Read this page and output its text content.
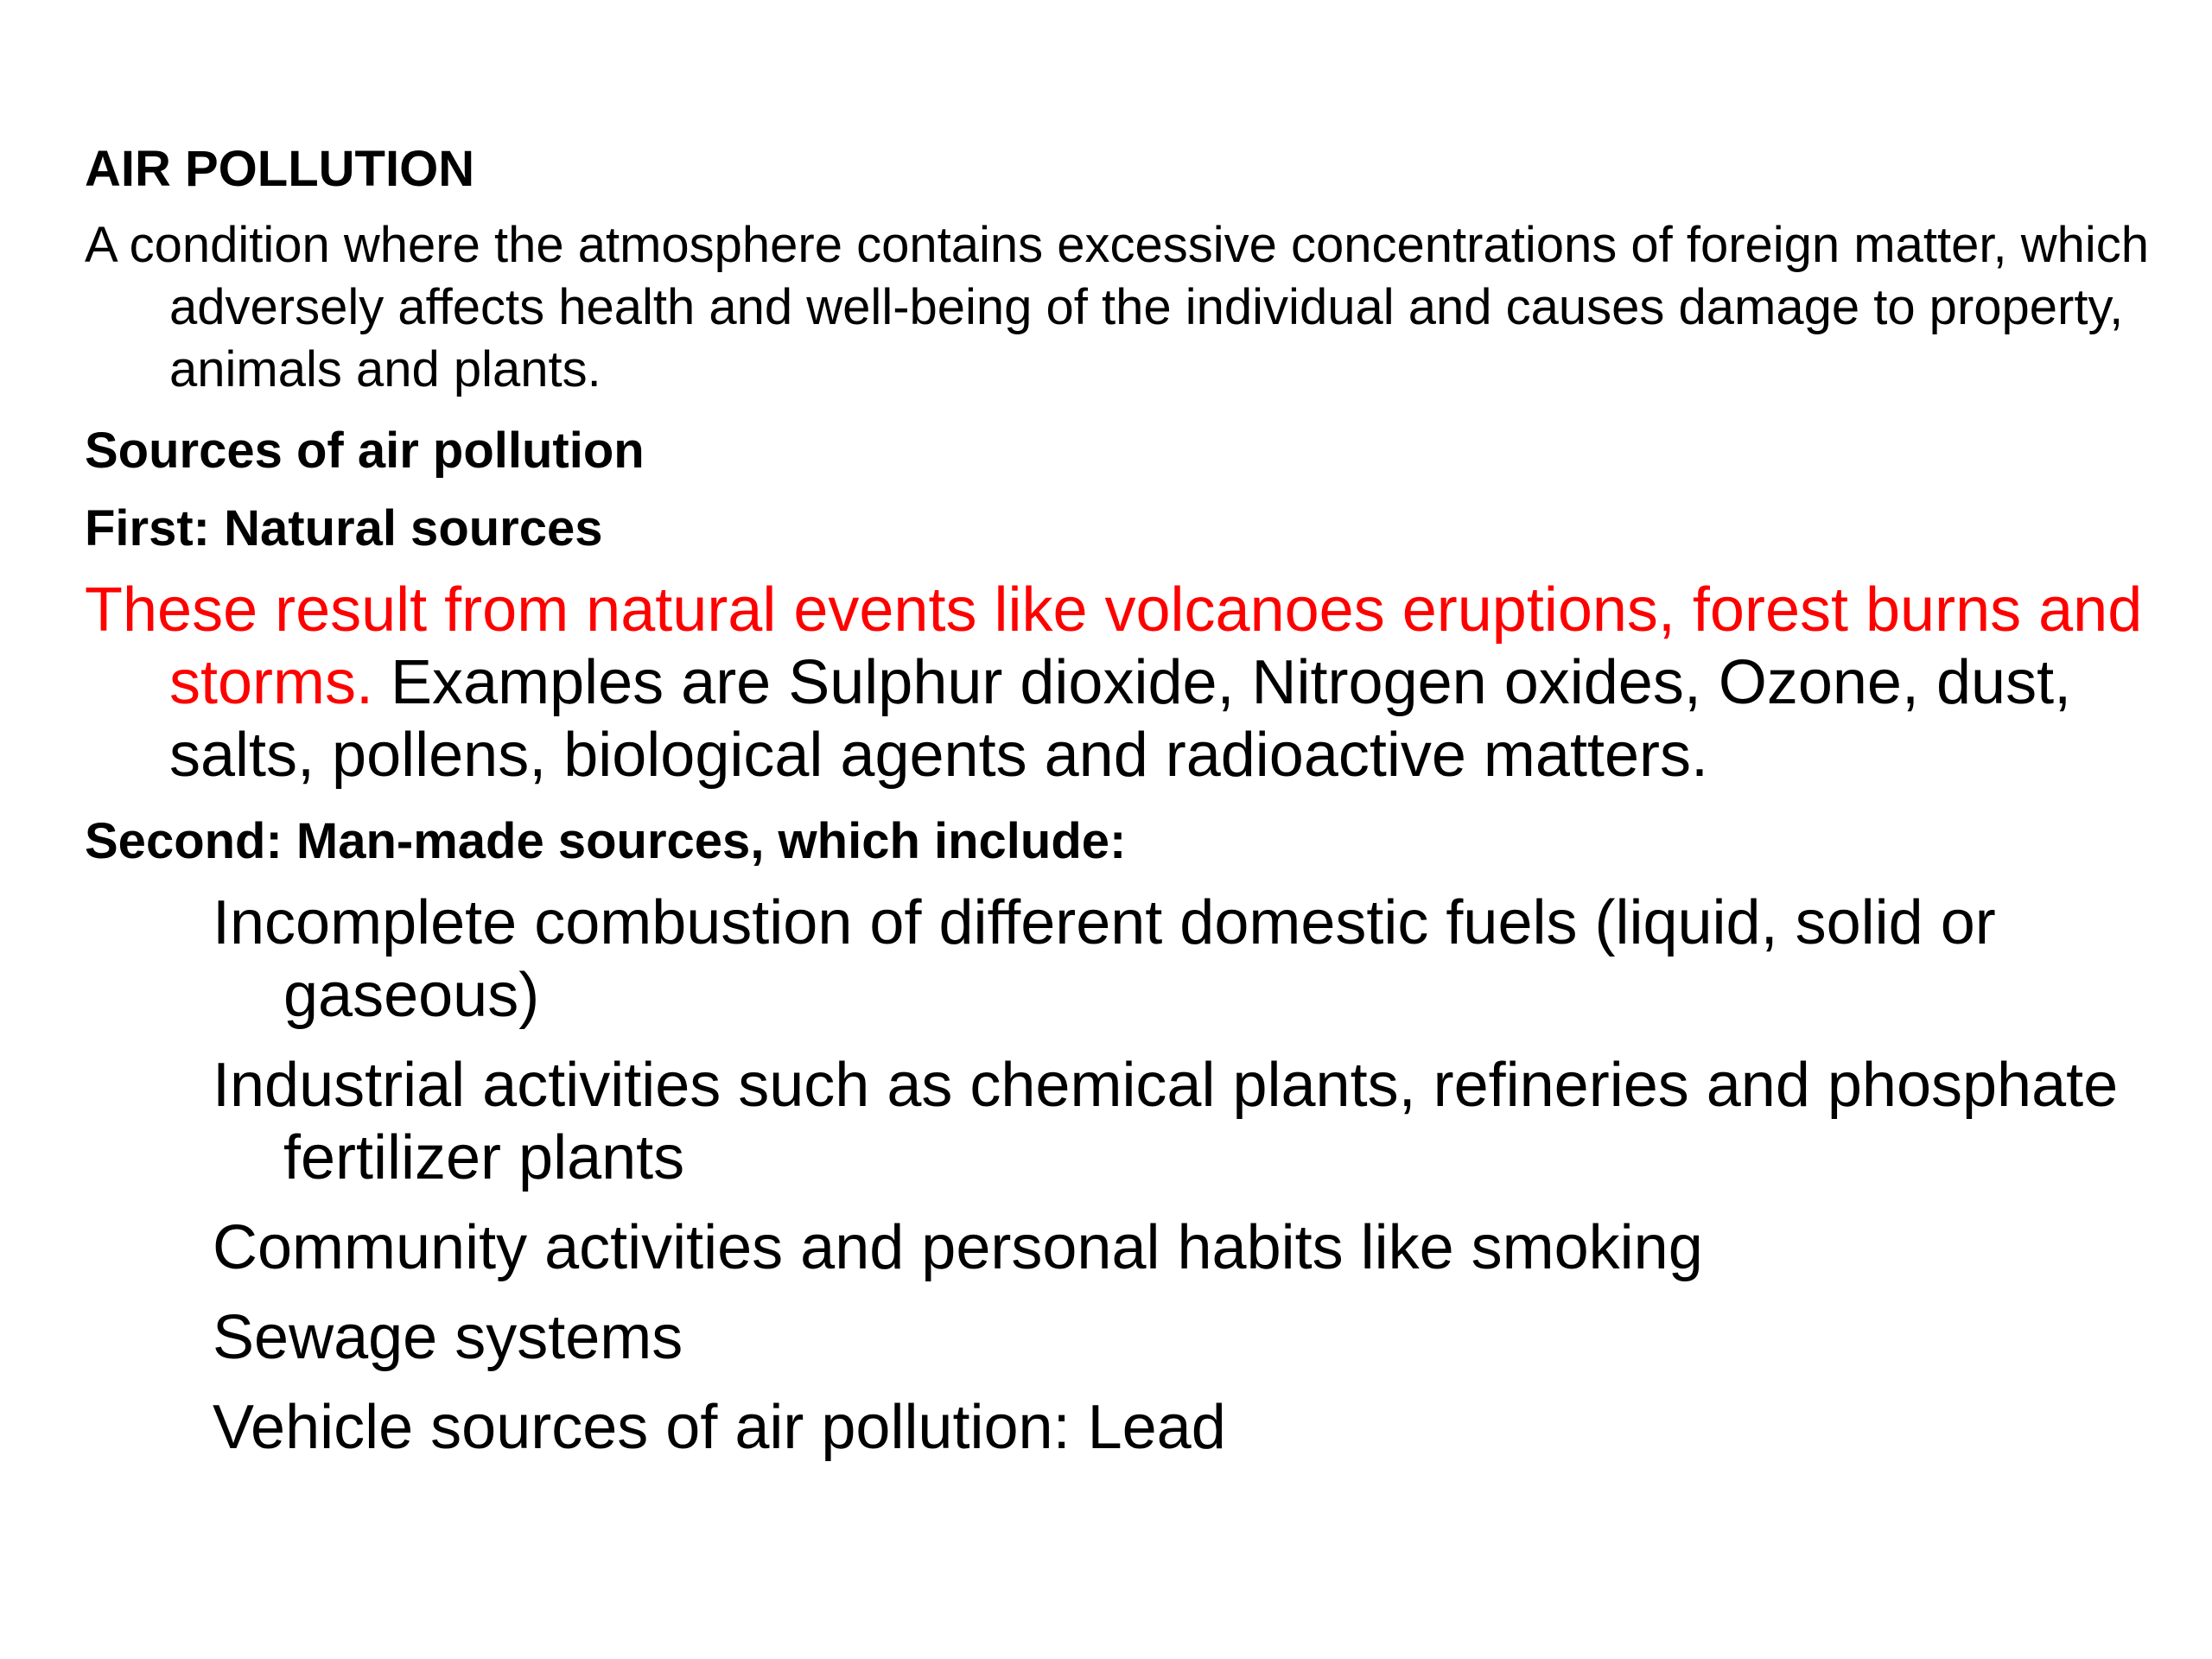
AIR POLLUTION

A condition where the atmosphere contains excessive concentrations of foreign matter, which adversely affects health and well-being of the individual and causes damage to property, animals and plants.

Sources of air pollution

First: Natural sources

These result from natural events like volcanoes eruptions, forest burns and storms. Examples are Sulphur dioxide, Nitrogen oxides, Ozone, dust, salts, pollens, biological agents and radioactive matters.

Second: Man-made sources, which include:

Incomplete combustion of different domestic fuels (liquid, solid or gaseous)
Industrial activities such as chemical plants, refineries and phosphate fertilizer plants
Community activities and personal habits like smoking
Sewage systems
Vehicle sources of air pollution: Lead
